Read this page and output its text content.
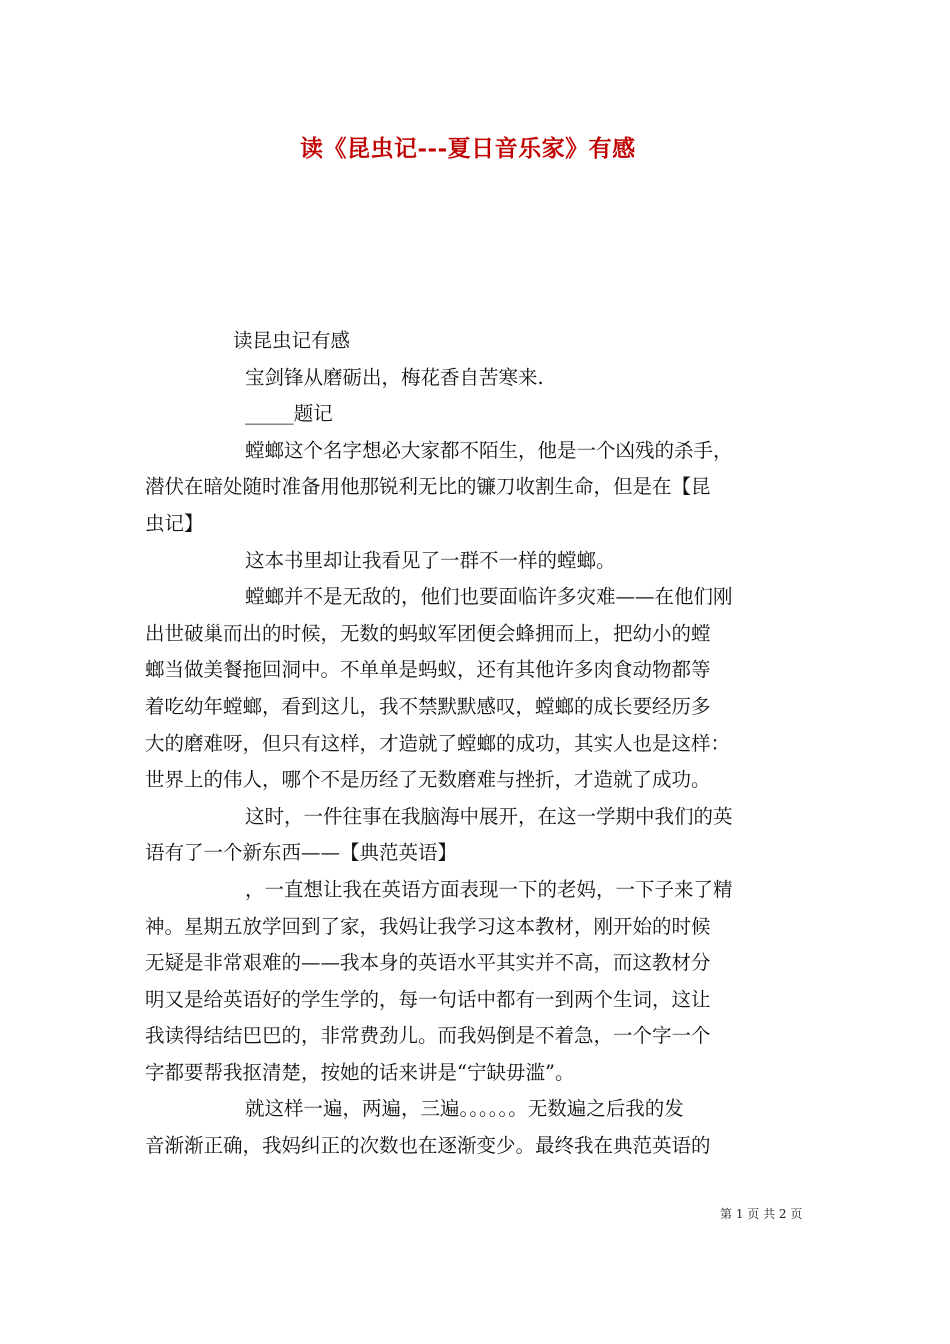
读《昆虫记---夏日音乐家》有感
读昆虫记有感
宝剑锋从磨砺出，梅花香自苦寒来.
_____题记
螳螂这个名字想必大家都不陌生，他是一个凶残的杀手，
潜伏在暗处随时准备用他那锐利无比的镰刀收割生命，但是在【昆
虫记】
这本书里却让我看见了一群不一样的螳螂。
螳螂并不是无敌的，他们也要面临许多灾难——在他们刚
出世破巢而出的时候，无数的蚂蚁军团便会蜂拥而上，把幼小的螳
螂当做美餐拖回洞中。不单单是蚂蚁，还有其他许多肉食动物都等
着吃幼年螳螂，看到这儿，我不禁默默感叹，螳螂的成长要经历多
大的磨难呀，但只有这样，才造就了螳螂的成功，其实人也是这样：
世界上的伟人，哪个不是历经了无数磨难与挫折，才造就了成功。
这时，一件往事在我脑海中展开，在这一学期中我们的英
语有了一个新东西——【典范英语】
，一直想让我在英语方面表现一下的老妈，一下子来了精
神。星期五放学回到了家，我妈让我学习这本教材，刚开始的时候
无疑是非常艰难的——我本身的英语水平其实并不高，而这教材分
明又是给英语好的学生学的，每一句话中都有一到两个生词，这让
我读得结结巴巴的，非常费劲儿。而我妈倒是不着急，一个字一个
字都要帮我抠清楚，按她的话来讲是“宁缺毋滥”。
就这样一遍，两遍，三遍。。。。。。无数遍之后我的发
音渐渐正确，我妈纠正的次数也在逐渐变少。最终我在典范英语的
第 1 页 共 2 页
